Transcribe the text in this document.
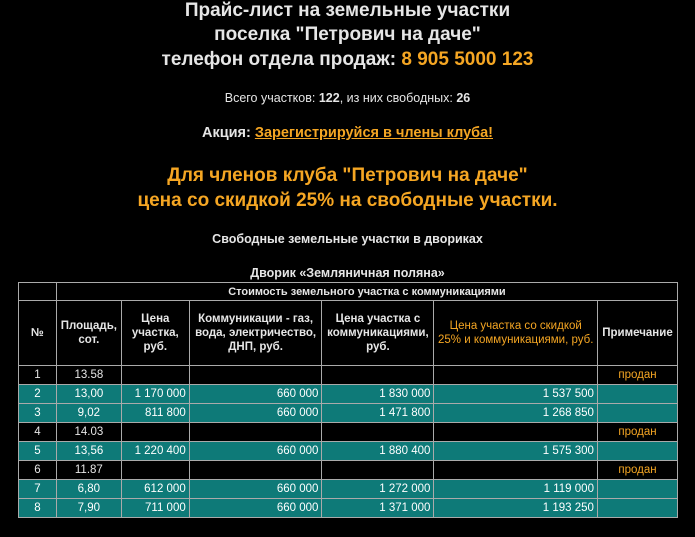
Прайс-лист на земельные участки
поселка "Петрович на даче"
телефон отдела продаж: 8 905 5000 123
Всего участков: 122, из них свободных: 26
Акция: Зарегистрируйся в члены клуба!
Для членов клуба "Петрович на даче"
цена со скидкой 25% на свободные участки.
Свободные земельные участки в двориках
Дворик «Земляничная поляна»
	Стоимость земельного участка с коммуникациями					
№	Площадь, сот.	Цена участка, руб.	Коммуникации - газ, вода, электричество, ДНП, руб.	Цена участка с коммуникациями, руб.	Цена участка со скидкой 25% и коммуникациями, руб.	Примечание
1	13.58					продан
2	13,00	1 170 000	660 000	1 830 000	1 537 500	
3	9,02	811 800	660 000	1 471 800	1 268 850	
4	14.03					продан
5	13,56	1 220 400	660 000	1 880 400	1 575 300	
6	11.87					продан
7	6,80	612 000	660 000	1 272 000	1 119 000	
8	7,90	711 000	660 000	1 371 000	1 193 250	
